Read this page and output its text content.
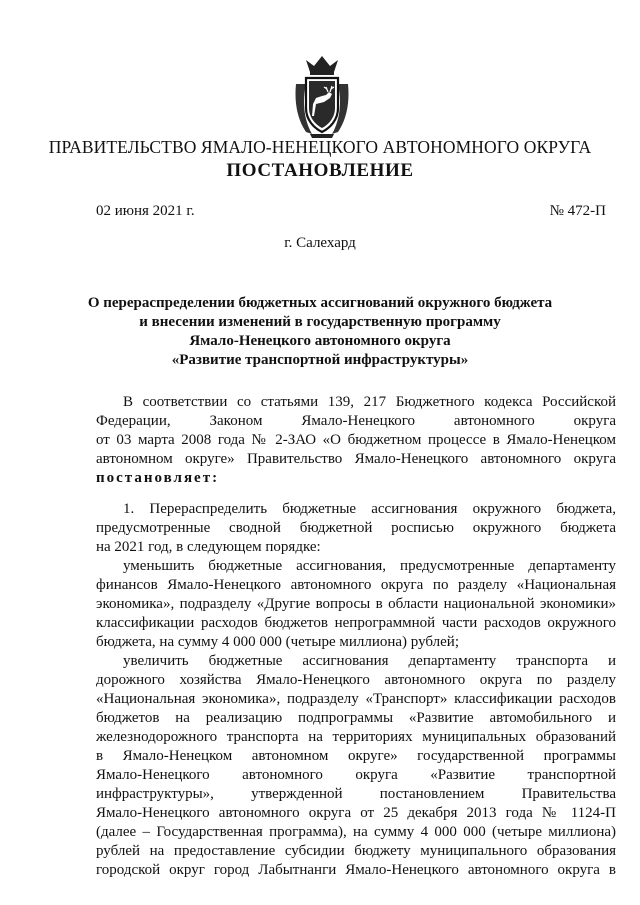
ПРАВИТЕЛЬСТВО ЯМАЛО-НЕНЕЦКОГО АВТОНОМНОГО ОКРУГА
ПОСТАНОВЛЕНИЕ
02 июня 2021 г.	№ 472-П
г. Салехард
О перераспределении бюджетных ассигнований окружного бюджета
и внесении изменений в государственную программу
Ямало-Ненецкого автономного округа
«Развитие транспортной инфраструктуры»
В соответствии со статьями 139, 217 Бюджетного кодекса Российской
Федерации, Законом Ямало-Ненецкого автономного округа
от 03 марта 2008 года № 2-ЗАО «О бюджетном процессе в Ямало-Ненецком
автономном округе» Правительство Ямало-Ненецкого автономного округа
постановляет:
1. Перераспределить бюджетные ассигнования окружного бюджета,
предусмотренные сводной бюджетной росписью окружного бюджета
на 2021 год, в следующем порядке:
уменьшить бюджетные ассигнования, предусмотренные департаменту
финансов Ямало-Ненецкого автономного округа по разделу «Национальная
экономика», подразделу «Другие вопросы в области национальной экономики»
классификации расходов бюджетов непрограммной части расходов окружного
бюджета, на сумму 4 000 000 (четыре миллиона) рублей;
увеличить бюджетные ассигнования департаменту транспорта и
дорожного хозяйства Ямало-Ненецкого автономного округа по разделу
«Национальная экономика», подразделу «Транспорт» классификации расходов
бюджетов на реализацию подпрограммы «Развитие автомобильного и
железнодорожного транспорта на территориях муниципальных образований
в Ямало-Ненецком автономном округе» государственной программы
Ямало-Ненецкого автономного округа «Развитие транспортной
инфраструктуры», утвержденной постановлением Правительства
Ямало-Ненецкого автономного округа от 25 декабря 2013 года № 1124-П
(далее – Государственная программа), на сумму 4 000 000 (четыре миллиона)
рублей на предоставление субсидии бюджету муниципального образования
городской округ город Лабытнанги Ямало-Ненецкого автономного округа в
